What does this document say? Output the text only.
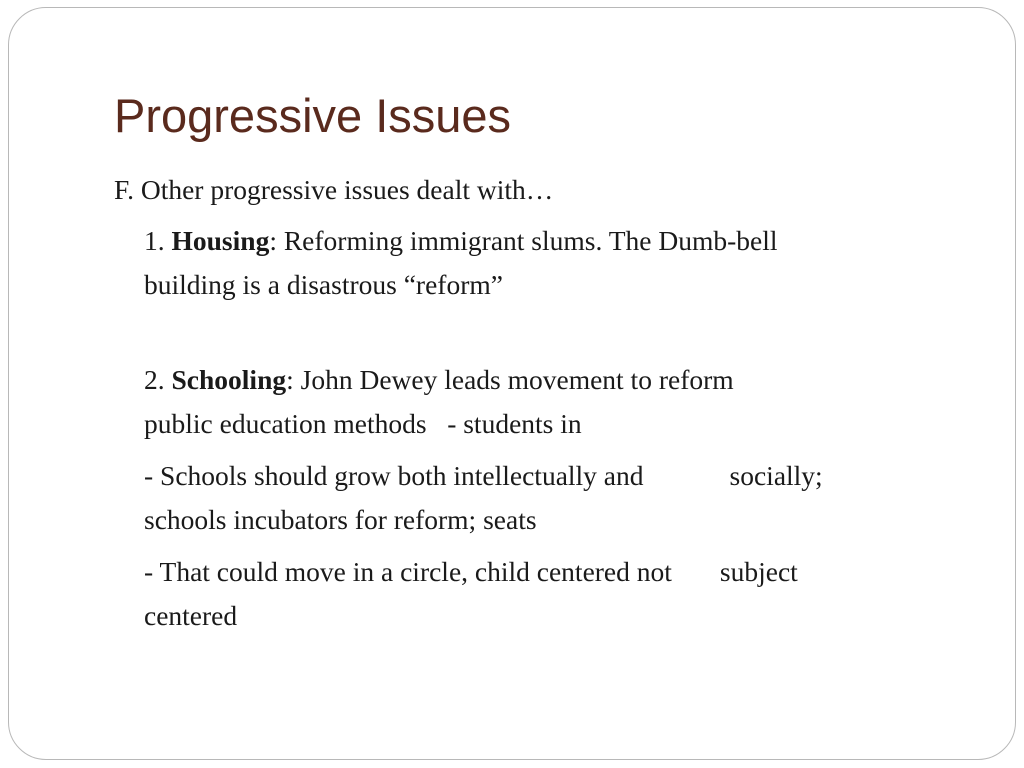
Progressive Issues

F. Other progressive issues dealt with…

1. Housing: Reforming immigrant slums. The Dumb-bell
building is a disastrous “reform”
2. Schooling: John Dewey leads movement to reform
public education methods   - students in
- Schools should grow both intellectually and	socially;
schools incubators for reform; seats
- That could move in a circle, child centered not subject
centered
